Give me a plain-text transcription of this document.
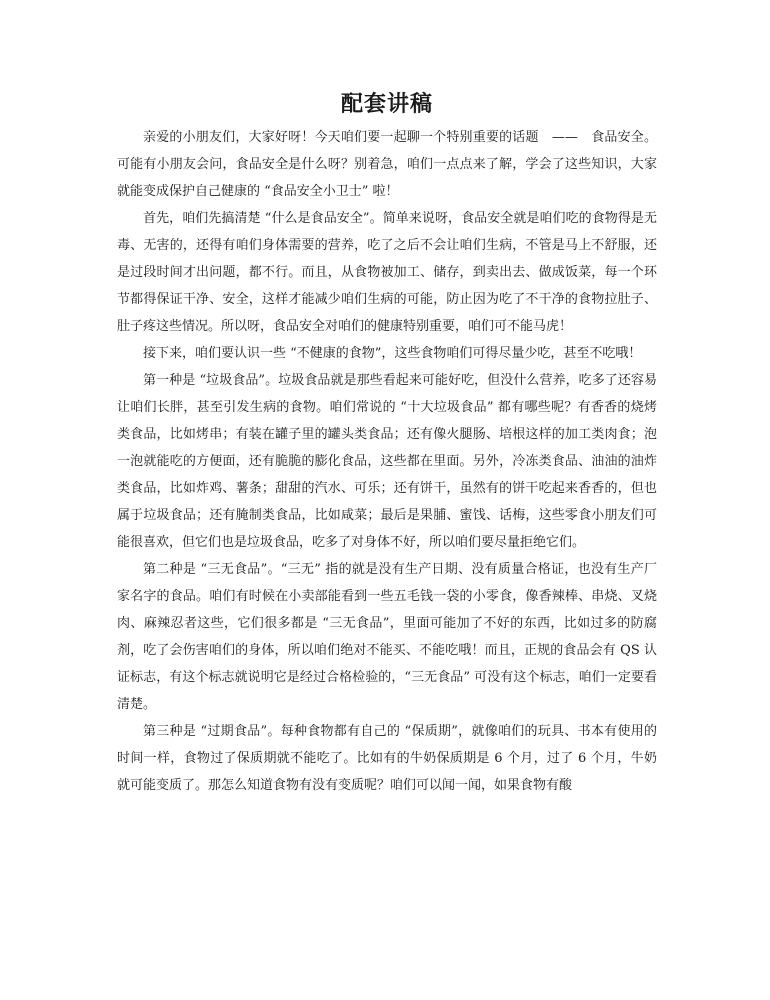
配套讲稿

亲爱的小朋友们，大家好呀！今天咱们要一起聊一个特别重要的话题　——　食品安全。可能有小朋友会问，食品安全是什么呀？别着急，咱们一点点来了解，学会了这些知识，大家就能变成保护自己健康的 “食品安全小卫士” 啦！

首先，咱们先搞清楚 “什么是食品安全”。简单来说呀，食品安全就是咱们吃的食物得是无毒、无害的，还得有咱们身体需要的营养，吃了之后不会让咱们生病，不管是马上不舒服，还是过段时间才出问题，都不行。而且，从食物被加工、储存，到卖出去、做成饭菜，每一个环节都得保证干净、安全，这样才能减少咱们生病的可能，防止因为吃了不干净的食物拉肚子、肚子疼这些情况。所以呀，食品安全对咱们的健康特别重要，咱们可不能马虎！

接下来，咱们要认识一些 “不健康的食物”，这些食物咱们可得尽量少吃，甚至不吃哦！

第一种是 “垃圾食品”。垃圾食品就是那些看起来可能好吃，但没什么营养，吃多了还容易让咱们长胖，甚至引发生病的食物。咱们常说的 “十大垃圾食品” 都有哪些呢？有香香的烧烤类食品，比如烤串；有装在罐子里的罐头类食品；还有像火腿肠、培根这样的加工类肉食；泡一泡就能吃的方便面，还有脆脆的膨化食品，这些都在里面。另外，冷冻类食品、油油的油炸类食品，比如炸鸡、薯条；甜甜的汽水、可乐；还有饼干，虽然有的饼干吃起来香香的，但也属于垃圾食品；还有腌制类食品，比如咸菜；最后是果脯、蜜饯、话梅，这些零食小朋友们可能很喜欢，但它们也是垃圾食品，吃多了对身体不好，所以咱们要尽量拒绝它们。

第二种是 “三无食品”。“三无” 指的就是没有生产日期、没有质量合格证，也没有生产厂家名字的食品。咱们有时候在小卖部能看到一些五毛钱一袋的小零食，像香辣棒、串烧、叉烧肉、麻辣忍者这些，它们很多都是 “三无食品”，里面可能加了不好的东西，比如过多的防腐剂，吃了会伤害咱们的身体，所以咱们绝对不能买、不能吃哦！而且，正规的食品会有 QS 认证标志，有这个标志就说明它是经过合格检验的，“三无食品” 可没有这个标志，咱们一定要看清楚。

第三种是 “过期食品”。每种食物都有自己的 “保质期”，就像咱们的玩具、书本有使用的时间一样，食物过了保质期就不能吃了。比如有的牛奶保质期是 6 个月，过了 6 个月，牛奶就可能变质了。那怎么知道食物有没有变质呢？咱们可以闻一闻，如果食物有酸
